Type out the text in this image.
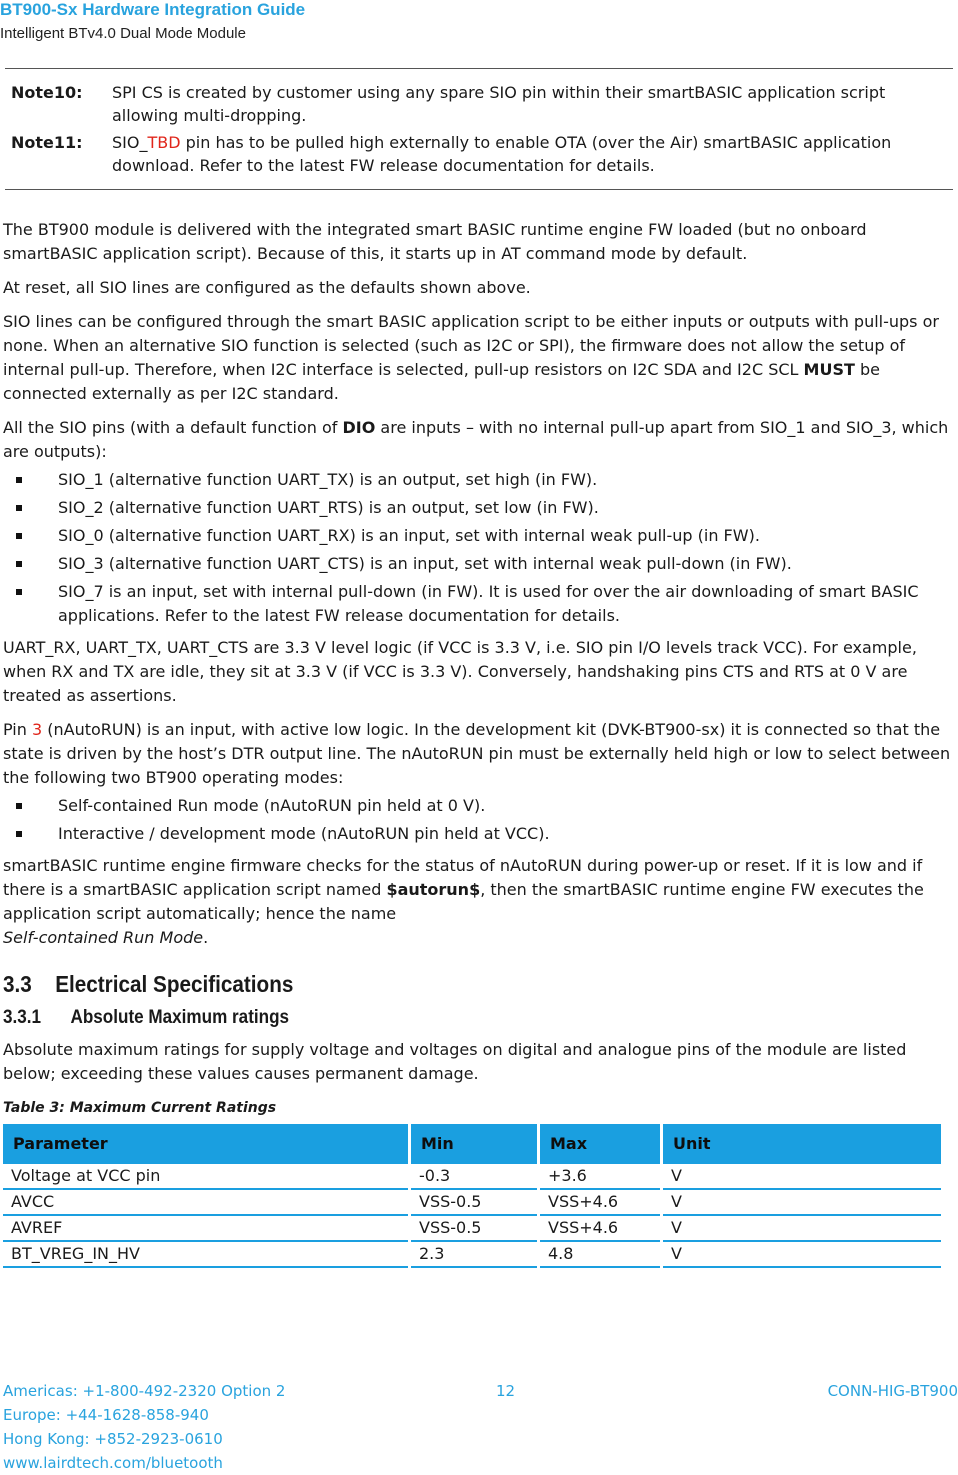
BT900-Sx Hardware Integration Guide
Intelligent BTv4.0 Dual Mode Module
Note10:	SPI CS is created by customer using any spare SIO pin within their smartBASIC application script allowing multi-dropping.
Note11:	SIO_TBD pin has to be pulled high externally to enable OTA (over the Air) smartBASIC application download. Refer to the latest FW release documentation for details.

The BT900 module is delivered with the integrated smart BASIC runtime engine FW loaded (but no onboard smartBASIC application script). Because of this, it starts up in AT command mode by default.

At reset, all SIO lines are configured as the defaults shown above.

SIO lines can be configured through the smart BASIC application script to be either inputs or outputs with pull-ups or none. When an alternative SIO function is selected (such as I2C or SPI), the firmware does not allow the setup of internal pull-up. Therefore, when I2C interface is selected, pull-up resistors on I2C SDA and I2C SCL MUST be connected externally as per I2C standard.

All the SIO pins (with a default function of DIO are inputs – with no internal pull-up apart from SIO_1 and SIO_3, which are outputs):

SIO_1 (alternative function UART_TX) is an output, set high (in FW).
SIO_2 (alternative function UART_RTS) is an output, set low (in FW).
SIO_0 (alternative function UART_RX) is an input, set with internal weak pull-up (in FW).
SIO_3 (alternative function UART_CTS) is an input, set with internal weak pull-down (in FW).
SIO_7 is an input, set with internal pull-down (in FW). It is used for over the air downloading of smart BASIC applications. Refer to the latest FW release documentation for details.

UART_RX, UART_TX, UART_CTS are 3.3 V level logic (if VCC is 3.3 V, i.e. SIO pin I/O levels track VCC). For example, when RX and TX are idle, they sit at 3.3 V (if VCC is 3.3 V). Conversely, handshaking pins CTS and RTS at 0 V are treated as assertions.

Pin 3 (nAutoRUN) is an input, with active low logic. In the development kit (DVK-BT900-sx) it is connected so that the state is driven by the host’s DTR output line. The nAutoRUN pin must be externally held high or low to select between the following two BT900 operating modes:

Self-contained Run mode (nAutoRUN pin held at 0 V).
Interactive / development mode (nAutoRUN pin held at VCC).

smartBASIC runtime engine firmware checks for the status of nAutoRUN during power-up or reset. If it is low and if there is a smartBASIC application script named $autorun$, then the smartBASIC runtime engine FW executes the application script automatically; hence the name
Self-contained Run Mode.

3.3 Electrical Specifications
3.3.1 Absolute Maximum ratings

Absolute maximum ratings for supply voltage and voltages on digital and analogue pins of the module are listed below; exceeding these values causes permanent damage.

Table 3: Maximum Current Ratings
Parameter	Min	Max	Unit
Voltage at VCC pin	-0.3	+3.6	V
AVCC	VSS-0.5	VSS+4.6	V
AVREF	VSS-0.5	VSS+4.6	V
BT_VREG_IN_HV	2.3	4.8	V
Americas: +1-800-492-2320 Option 2
Europe: +44-1628-858-940
Hong Kong: +852-2923-0610
www.lairdtech.com/bluetooth
12	CONN-HIG-BT900
